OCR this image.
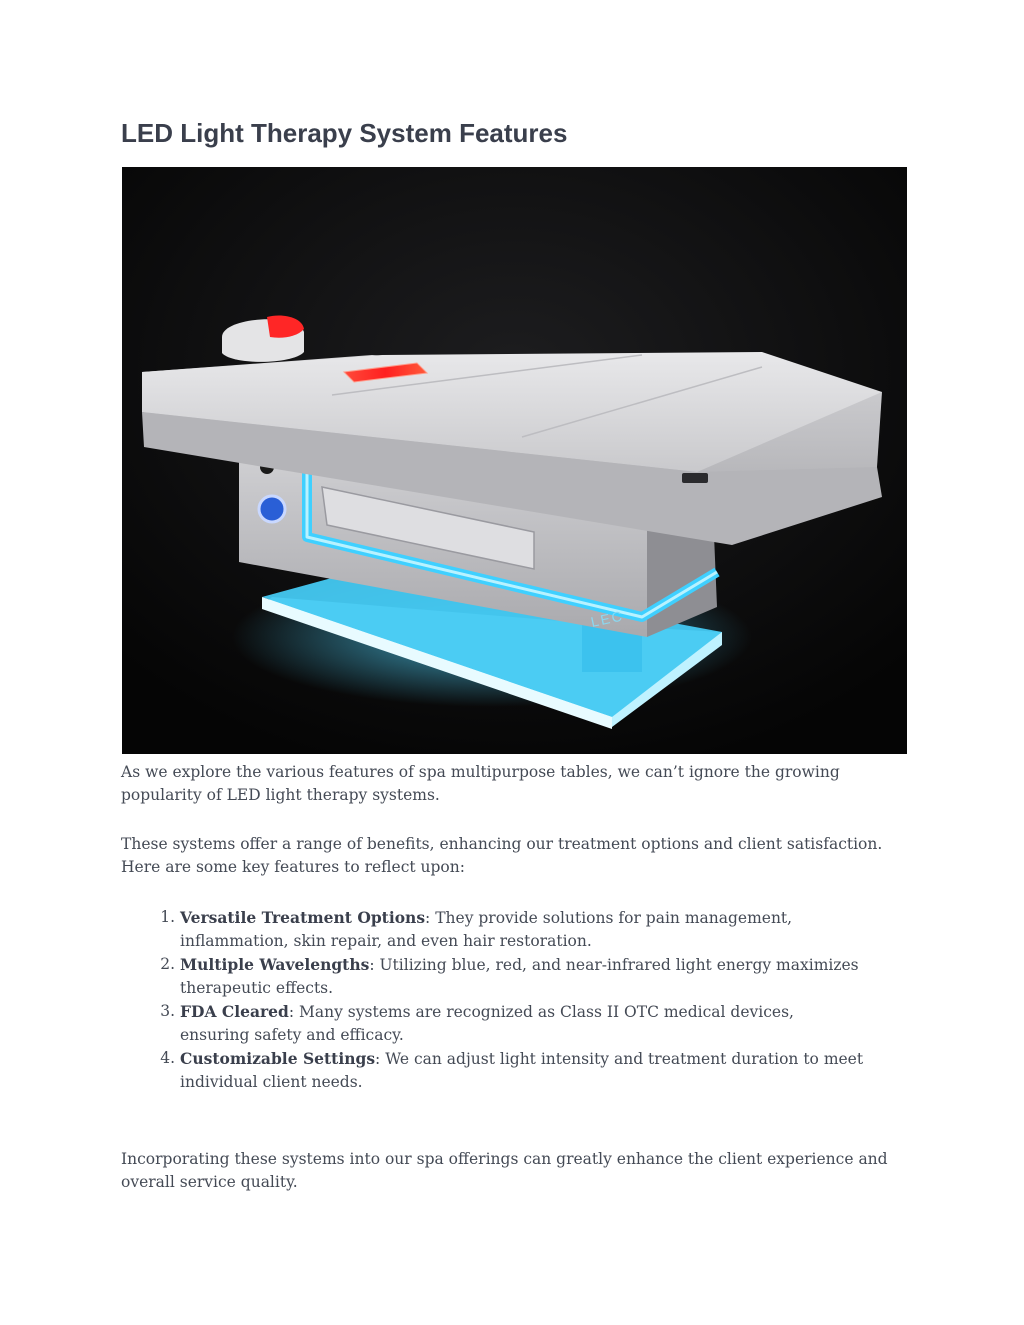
LED Light Therapy System Features
LEC

As we explore the various features of spa multipurpose tables, we can’t ignore the growing popularity of LED light therapy systems.

These systems offer a range of benefits, enhancing our treatment options and client satisfaction. Here are some key features to reflect upon:

1. Versatile Treatment Options: They provide solutions for pain management, inflammation, skin repair, and even hair restoration.
2. Multiple Wavelengths: Utilizing blue, red, and near-infrared light energy maximizes therapeutic effects.
3. FDA Cleared: Many systems are recognized as Class II OTC medical devices, ensuring safety and efficacy.
4. Customizable Settings: We can adjust light intensity and treatment duration to meet individual client needs.

Incorporating these systems into our spa offerings can greatly enhance the client experience and overall service quality.
